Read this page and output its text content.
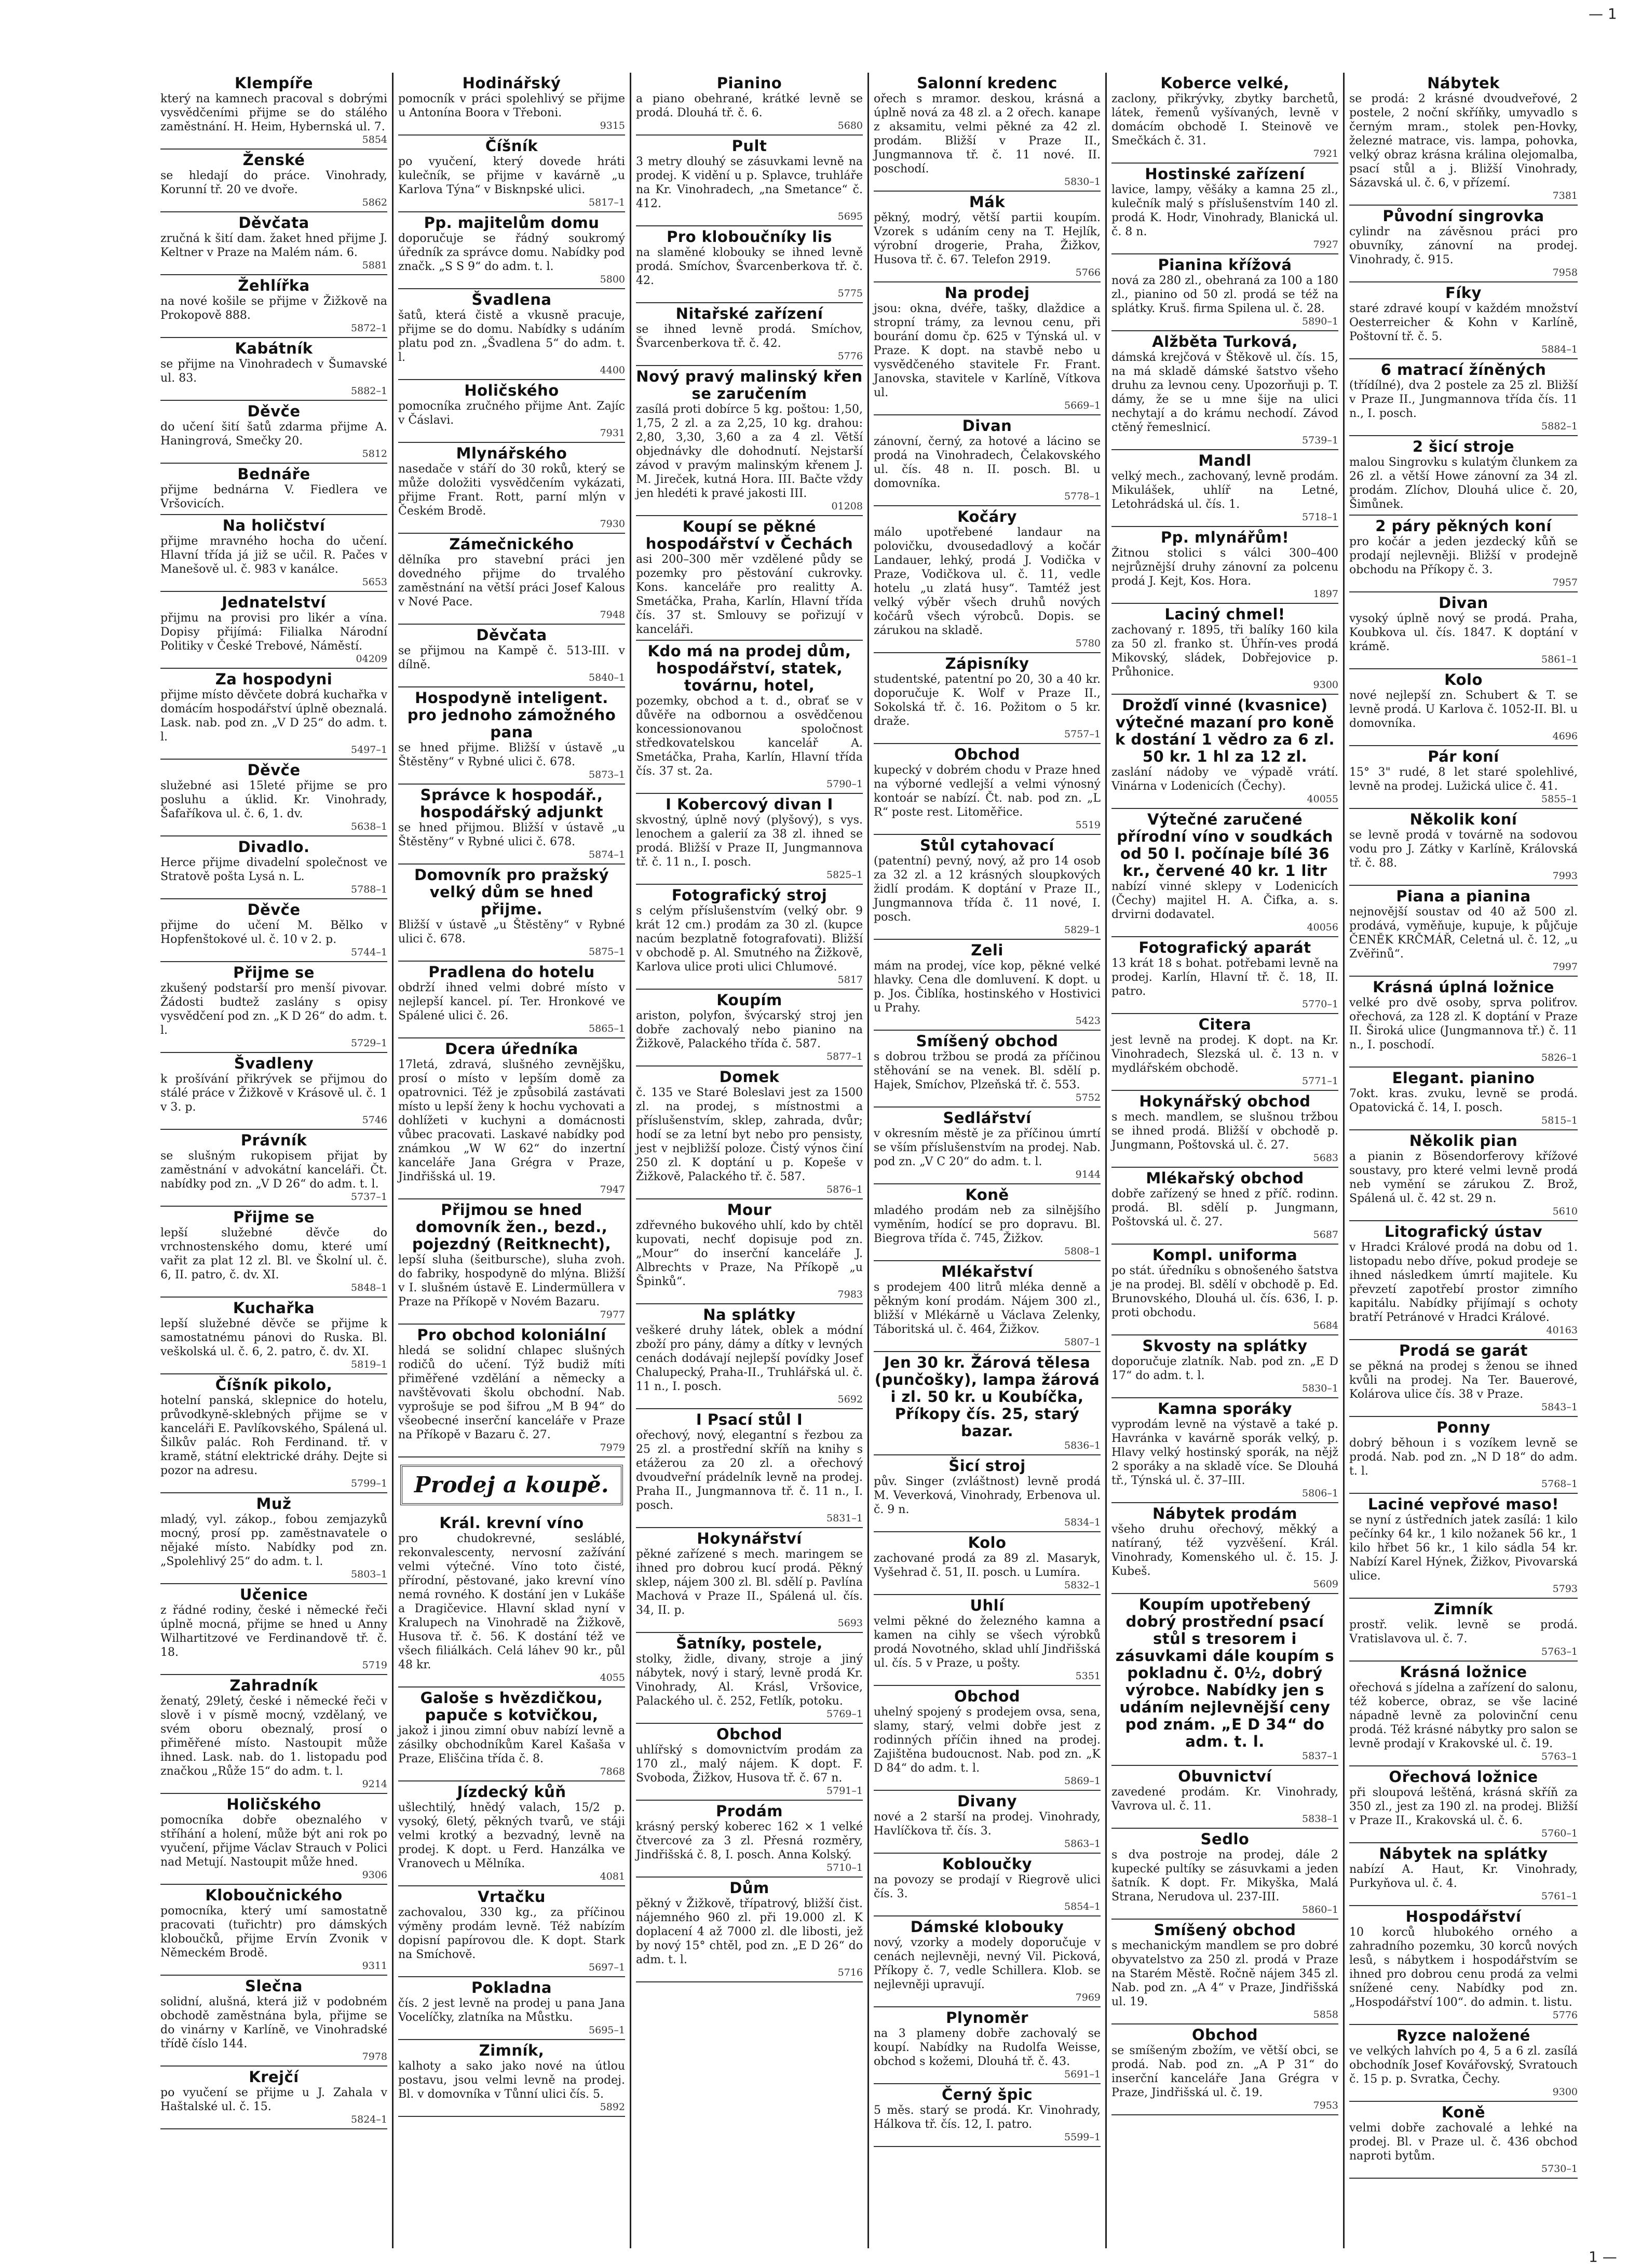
— 1
1 —
Klempíře
který na kamnech pracoval s dobrými vysvědčeními přijme se do stálého zaměstnání. H. Heim, Hybernská ul. 7.
5854
Ženské
se hledají do práce. Vinohrady, Korunní tř. 20 ve dvoře.
5862
Děvčata
zručná k šití dam. žaket hned přijme J. Keltner v Praze na Malém nám. 6.
5881
Žehlířka
na nové košile se přijme v Žižkově na Prokopově 888.
5872–1
Kabátník
se přijme na Vinohradech v Šumavské ul. 83.
5882–1
Děvče
do učení šití šatů zdarma přijme A. Haningrová, Smečky 20.
5812
Bednáře
přijme bednárna V. Fiedlera ve Vršovicích.
Na holičství
přijme mravného hocha do učení. Hlavní třída já již se učil. R. Pačes v Manešově ul. č. 983 v kanálce.
5653
Jednatelství
přijmu na provisi pro likér a vína. Dopisy přijímá: Filialka Národní Politiky v České Trebové, Náměstí.
04209
Za hospodyni
přijme místo děvčete dobrá kuchařka v domácím hospodářství úplně obeznalá. Lask. nab. pod zn. „V D 25“ do adm. t. l.
5497–1
Děvče
služebné asi 15leté přijme se pro posluhu a úklid. Kr. Vinohrady, Šafaříkova ul. č. 6, 1. dv.
5638–1
Divadlo.
Herce přijme divadelní společnost ve Stratově pošta Lysá n. L.
5788–1
Děvče
přijme do učení M. Bělko v Hopfenštokové ul. č. 10 v 2. p.
5744–1
Přijme se
zkušený podstarší pro menší pivovar. Žádosti budtež zaslány s opisy vysvědčení pod zn. „K D 26“ do adm. t. l.
5729–1
Švadleny
k prošívání přikrývek se přijmou do stálé práce v Žižkově v Krásově ul. č. 1 v 3. p.
5746
Právník
se slušným rukopisem přijat by zaměstnání v advokátní kanceláři. Čt. nabídky pod zn. „V D 26“ do adm. t. l.
5737–1
Přijme se
lepší služebné děvče do vrchnostenského domu, které umí vařit za plat 12 zl. Bl. ve Školní ul. č. 6, II. patro, č. dv. XI.
5848–1
Kuchařka
lepší služebné děvče se přijme k samostatnému pánovi do Ruska. Bl. veškolská ul. č. 6, 2. patro, č. dv. XI.
5819–1
Číšník pikolo,
hotelní panská, sklepnice do hotelu, průvodkyně-sklebných přijme se v kanceláři E. Pavlíkovského, Spálená ul. Šilkův palác. Roh Ferdinand. tř. v kramě, státní elektrické dráhy. Dejte si pozor na adresu.
5799–1
Muž
mladý, vyl. zákop., fobou zemjazyků mocný, prosí pp. zaměstnavatele o nějaké místo. Nabídky pod zn. „Spolehlivý 25“ do adm. t. l.
5803–1
Učenice
z řádné rodiny, české i německé řeči úplně mocná, přijme se hned u Anny Wilhartitzové ve Ferdinandově tř. č. 18.
5719
Zahradník
ženatý, 29letý, české i německé řeči v slově i v písmě mocný, vzdělaný, ve svém oboru obeznalý, prosí o přiměřené místo. Nastoupit může ihned. Lask. nab. do 1. listopadu pod značkou „Růže 15“ do adm. t. l.
9214
Holičského
pomocníka dobře obeznalého v stříhání a holení, může být ani rok po vyučení, přijme Václav Strauch v Polici nad Metují. Nastoupit může hned.
9306
Kloboučnického
pomocníka, který umí samostatně pracovati (tuřichtr) pro dámských kloboučků, přijme Ervín Zvonik v Německém Brodě.
9311
Slečna
solidní, alušná, která již v podobném obchodě zaměstnána byla, přijme se do vinárny v Karlíně, ve Vinohradské třídě číslo 144.
7978
Krejčí
po vyučení se přijme u J. Zahala v Haštalské ul. č. 15.
5824–1
Hodinářský
pomocník v práci spolehlivý se přijme u Antonína Boora v Třeboni.
9315
Číšník
po vyučení, který dovede hráti kulečník, se přijme v kavárně „u Karlova Týna“ v Bisknpské ulici.
5817–1
Pp. majitelům domu
doporučuje se řádný soukromý úředník za správce domu. Nabídky pod značk. „S S 9“ do adm. t. l.
5800
Švadlena
šatů, která čistě a vkusně pracuje, přijme se do domu. Nabídky s udáním platu pod zn. „Švadlena 5“ do adm. t. l.
4400
Holičského
pomocníka zručného přijme Ant. Zajíc v Čáslavi.
7931
Mlynářského
nasedače v stáří do 30 roků, který se může doložiti vysvědčením vykázati, přijme Frant. Rott, parní mlýn v Českém Brodě.
7930
Zámečnického
dělníka pro stavební práci jen dovedného přijme do trvalého zaměstnání na větší práci Josef Kalous v Nové Pace.
7948
Děvčata
se přijmou na Kampě č. 513-III. v dílně.
5840–1
Hospodyně inteligent. pro jednoho zámožného pana
se hned přijme. Bližší v ústavě „u Štěstěny“ v Rybné ulici č. 678.
5873–1
Správce k hospodář., hospodářský adjunkt
se hned přijmou. Bližší v ústavě „u Štěstěny“ v Rybné ulici č. 678.
5874–1
Domovník pro pražský velký dům se hned přijme.
Bližší v ústavě „u Štěstěny“ v Rybné ulici č. 678.
5875–1
Pradlena do hotelu
obdrží ihned velmi dobré místo v nejlepší kancel. pí. Ter. Hronkové ve Spálené ulici č. 26.
5865–1
Dcera úředníka
17letá, zdravá, slušného zevnějšku, prosí o místo v lepším domě za opatrovnici. Též je způsobilá zastávati místo u lepší ženy k hochu vychovati a dohlížeti v kuchyni a domácnosti vůbec pracovati. Laskavé nabídky pod známkou „W W 62“ do inzertní kanceláře Jana Grégra v Praze, Jindřišská ul. 19.
7947
Přijmou se hned domovník žen., bezd., pojezdný (Reitknecht),
lepší sluha (šeitbursche), sluha zvoh. do fabriky, hospodyně do mlýna. Bližší v I. slušném ústavě E. Lindermüllera v Praze na Příkopě v Novém Bazaru.
7977
Pro obchod koloniální
hledá se solidní chlapec slušných rodičů do učení. Týž budiž míti přiměřené vzdělání a německy a navštěvovati školu obchodní. Nab. vyprošuje se pod šifrou „M B 94“ do všeobecné inserční kanceláře v Praze na Příkopě v Bazaru č. 27.
7979
Prodej a koupě.
Král. krevní víno
pro chudokrevné, sesláblé, rekonvalescenty, nervosní zažívání velmi výtečné. Víno toto čisté, přírodní, pěstované, jako krevní víno nemá rovného. K dostání jen v Lukáše a Dragičevice. Hlavní sklad nyní v Kralupech na Vinohradě na Žižkově, Husova tř. č. 56. K dostání též ve všech filiálkách. Celá láhev 90 kr., půl 48 kr.
4055
Galoše s hvězdičkou, papuče s kotvičkou,
jakož i jinou zimní obuv nabízí levně a zásilky obchodníkům Karel Kašaša v Praze, Eliščina třída č. 8.
7868
Jízdecký kůň
ušlechtilý, hnědý valach, 15/2 p. vysoký, 6letý, pěkných tvarů, ve stáji velmi krotký a bezvadný, levně na prodej. K dopt. u Ferd. Hanzálka ve Vranovech u Mělníka.
4081
Vrtačku
zachovalou, 330 kg., za příčinou výměny prodám levně. Též nabízím dopisní papírovou dle. K dopt. Stark na Smíchově.
5697–1
Pokladna
čís. 2 jest levně na prodej u pana Jana Vocelíčky, zlatníka na Můstku.
5695–1
Zimník,
kalhoty a sako jako nové na útlou postavu, jsou velmi levně na prodej. Bl. v domovníka v Tůnní ulici čís. 5.
5892
Pianino
a piano obehrané, krátké levně se prodá. Dlouhá tř. č. 6.
5680
Pult
3 metry dlouhý se zásuvkami levně na prodej. K vidění u p. Splavce, truhláře na Kr. Vinohradech, „na Smetance“ č. 412.
5695
Pro kloboučníky lis
na slaměné klobouky se ihned levně prodá. Smíchov, Švarcenberkova tř. č. 42.
5775
Nitařské zařízení
se ihned levně prodá. Smíchov, Švarcenberkova tř. č. 42.
5776
Nový pravý malinský křen se zaručením
zasílá proti dobírce 5 kg. poštou: 1,50, 1,75, 2 zl. a za 2,25, 10 kg. drahou: 2,80, 3,30, 3,60 a za 4 zl. Větší objednávky dle dohodnutí. Nejstarší závod v pravým malinským křenem J. M. Jireček, kutná Hora. III. Bačte vždy jen hledéti k pravé jakosti III.
01208
Koupí se pěkné hospodářství v Čechách
asi 200–300 měr vzdělené půdy se pozemky pro pěstování cukrovky. Kons. kanceláře pro realitty A. Smetáčka, Praha, Karlín, Hlavní třída čís. 37 st. Smlouvy se pořizují v kanceláři.
Kdo má na prodej dům, hospodářství, statek, továrnu, hotel,
pozemky, obchod a t. d., obrať se v důvěře na odbornou a osvědčenou koncessionovanou spoločnost středkovatelskou kancelář A. Smetáčka, Praha, Karlín, Hlavní třída čís. 37 st. 2a.
5790–1
I Kobercový divan I
skvostný, úplně nový (plyšový), s vys. lenochem a galerií za 38 zl. ihned se prodá. Bližší v Praze II, Jungmannova tř. č. 11 n., I. posch.
5825–1
Fotografický stroj
s celým příslušenstvím (velký obr. 9 krát 12 cm.) prodám za 30 zl. (kupce nacúm bezplatně fotografovati). Bližší v obchodě p. Al. Smutného na Žižkově, Karlova ulice proti ulici Chlumové.
5817
Koupím
ariston, polyfon, švýcarský stroj jen dobře zachovalý nebo pianino na Žižkově, Palackého třída č. 587.
5877–1
Domek
č. 135 ve Staré Boleslavi jest za 1500 zl. na prodej, s místnostmi a příslušenstvím, sklep, zahrada, dvůr; hodí se za letní byt nebo pro pensisty, jest v nejbližší poloze. Čistý výnos činí 250 zl. K doptání u p. Kopeše v Žižkově, Palackého tř. č. 587.
5876–1
Mour
zdřevného bukového uhlí, kdo by chtěl kupovati, nechť dopisuje pod zn. „Mour“ do inserční kanceláře J. Albrechts v Praze, Na Příkopě „u Špinků“.
7983
Na splátky
veškeré druhy látek, oblek a módní zboží pro pány, dámy a dítky v levných cenách dodávají nejlepší povídky Josef Chalupecký, Praha-II., Truhlářská ul. č. 11 n., I. posch.
5692
I Psací stůl I
ořechový, nový, elegantní s řezbou za 25 zl. a prostřední skříň na knihy s etážerou za 20 zl. a ořechový dvoudveřní prádelník levně na prodej. Praha II., Jungmannova tř. č. 11 n., I. posch.
5831–1
Hokynářství
pěkné zařízené s mech. maringem se ihned pro dobrou kucí prodá. Pěkný sklep, nájem 300 zl. Bl. sdělí p. Pavlína Machová v Praze II., Spálená ul. čís. 34, II. p.
5693
Šatníky, postele,
stolky, židle, divany, stroje a jiný nábytek, nový i starý, levně prodá Kr. Vinohrady, Al. Krásl, Vršovice, Palackého ul. č. 252, Fetlík, potoku.
5769–1
Obchod
uhlířský s domovnictvím prodám za 170 zl., malý nájem. K dopt. F. Svoboda, Žižkov, Husova tř. č. 67 n.
5791–1
Prodám
krásný perský koberec 162 × 1 velké čtvercové za 3 zl. Přesná rozměry, Jindřišská č. 8, I. posch. Anna Kolský.
5710–1
Dům
pěkný v Žižkově, třípatrový, bližší čist. nájemného 960 zl. při 19.000 zl. K doplacení 4 až 7000 zl. dle libosti, jež by nový 15° chtěl, pod zn. „E D 26“ do adm. t. l.
5716
Salonní kredenc
ořech s mramor. deskou, krásná a úplně nová za 48 zl. a 2 ořech. kanape z aksamitu, velmi pěkné za 42 zl. prodám. Bližší v Praze II., Jungmannova tř. č. 11 nové. II. poschodí.
5830–1
Mák
pěkný, modrý, větší partii koupím. Vzorek s udáním ceny na T. Hejlík, výrobní drogerie, Praha, Žižkov, Husova tř. č. 67. Telefon 2919.
5766
Na prodej
jsou: okna, dvéře, tašky, dlaždice a stropní trámy, za levnou cenu, při bourání domu čp. 625 v Týnská ul. v Praze. K dopt. na stavbě nebo u vysvědčeného stavitele Fr. Frant. Janovska, stavitele v Karlíně, Vítkova ul.
5669–1
Divan
zánovní, černý, za hotové a lácino se prodá na Vinohradech, Čelakovského ul. čís. 48 n. II. posch. Bl. u domovníka.
5778–1
Kočáry
málo upotřebené landaur na polovičku, dvousedadlový a kočár Landauer, lehký, prodá J. Vodička v Praze, Vodičkova ul. č. 11, vedle hotelu „u zlatá husy“. Tamtéž jest velký výběr všech druhů nových kočárů všech výrobců. Dopis. se zárukou na skladě.
5780
Zápisníky
studentské, patentní po 20, 30 a 40 kr. doporučuje K. Wolf v Praze II., Sokolská tř. č. 16. Požitom o 5 kr. draže.
5757–1
Obchod
kupecký v dobrém chodu v Praze hned na výborné vedlejší a velmi výnosný kontoár se nabízí. Čt. nab. pod zn. „L R“ poste rest. Litoměřice.
5519
Stůl cytahovací
(patentní) pevný, nový, až pro 14 osob za 32 zl. a 12 krásných sloupkových židlí prodám. K doptání v Praze II., Jungmannova třída č. 11 nové, I. posch.
5829–1
Zeli
mám na prodej, více kop, pěkné velké hlavky. Cena dle domluvení. K dopt. u p. Jos. Čiblíka, hostinského v Hostivici u Prahy.
5423
Smíšený obchod
s dobrou tržbou se prodá za příčinou stěhování se na venek. Bl. sdělí p. Hajek, Smíchov, Plzeňská tř. č. 553.
5752
Sedlářství
v okresním městě je za příčinou úmrtí se vším příslušenstvím na prodej. Nab. pod zn. „V C 20“ do adm. t. l.
9144
Koně
mladého prodám neb za silnějšího vyměním, hodící se pro dopravu. Bl. Biegrova třída č. 745, Žižkov.
5808–1
Mlékařství
s prodejem 400 litrů mléka denně a pěkným koní prodám. Nájem 300 zl., bližší v Mlékárně u Václava Zelenky, Táboritská ul. č. 464, Žižkov.
5807–1
Jen 30 kr. Žárová tělesa (punčošky), lampa žárová i zl. 50 kr. u Koubíčka, Příkopy čís. 25, starý bazar.
5836–1
Šicí stroj
pův. Singer (zvláštnost) levně prodá M. Veverková, Vinohrady, Erbenova ul. č. 9 n.
5834–1
Kolo
zachované prodá za 89 zl. Masaryk, Vyšehrad č. 51, II. posch. u Lumíra.
5832–1
Uhlí
velmi pěkné do železného kamna a kamen na cihly se všech výrobků prodá Novotného, sklad uhlí Jindřišská ul. čís. 5 v Praze, u pošty.
5351
Obchod
uhelný spojený s prodejem ovsa, sena, slamy, starý, velmi dobře jest z rodinných příčin ihned na prodej. Zajištěna budoucnost. Nab. pod zn. „K D 84“ do adm. t. l.
5869–1
Divany
nové a 2 starší na prodej. Vinohrady, Havlíčkova tř. čís. 3.
5863–1
Kobloučky
na povozy se prodají v Riegrově ulici čís. 3.
5854–1
Dámské klobouky
nový, vzorky a modely doporučuje v cenách nejlevněji, nevný Vil. Picková, Příkopy č. 7, vedle Schillera. Klob. se nejlevněji upravují.
7969
Plynoměr
na 3 plameny dobře zachovalý se koupí. Nabídky na Rudolfa Weisse, obchod s kožemi, Dlouhá tř. č. 43.
5691–1
Černý špic
5 měs. starý se prodá. Kr. Vinohrady, Hálkova tř. čís. 12, I. patro.
5599–1
Koberce velké,
zaclony, přikrývky, zbytky barchetů, látek, řemenů vyšívaných, levně v domácím obchodě I. Steinově ve Smečkách č. 31.
7921
Hostinské zařízení
lavice, lampy, věšáky a kamna 25 zl., kulečník malý s příslušenstvím 140 zl. prodá K. Hodr, Vinohrady, Blanická ul. č. 8 n.
7927
Pianina křížová
nová za 280 zl., obehraná za 100 a 180 zl., pianino od 50 zl. prodá se též na splátky. Kruš. firma Spilena ul. č. 28.
5890–1
Alžběta Turková,
dámská krejčová v Štěkově ul. čís. 15, na má skladě dámské šatstvo všeho druhu za levnou ceny. Upozorňuji p. T. dámy, že se u mne šije na ulici nechytají a do krámu nechodí. Závod ctěný řemeslnicí.
5739–1
Mandl
velký mech., zachovaný, levně prodám. Mikulášek, uhlíř na Letné, Letohrádská ul. čís. 1.
5718–1
Pp. mlynářům!
Žitnou stolici s válci 300–400 nejrůznější druhy zánovní za polcenu prodá J. Kejt, Kos. Hora.
1897
Laciný chmel!
zachovaný r. 1895, tři balíky 160 kila za 50 zl. franko st. Úhřín-ves prodá Mikovský, sládek, Dobřejovice p. Průhonice.
9300
Drožďí vinné (kvasnice) výtečné mazaní pro koně k dostání 1 vědro za 6 zl. 50 kr. 1 hl za 12 zl.
zaslání nádoby ve výpadě vrátí. Vinárna v Lodenicích (Čechy).
40055
Výtečné zaručené přírodní víno v soudkách od 50 l. počínaje bílé 36 kr., červené 40 kr. 1 litr
nabízí vinné sklepy v Lodenicích (Čechy) majitel H. A. Čifka, a. s. drvirni dodavatel.
40056
Fotografický aparát
13 krát 18 s bohat. potřebami levně na prodej. Karlín, Hlavní tř. č. 18, II. patro.
5770–1
Citera
jest levně na prodej. K dopt. na Kr. Vinohradech, Slezská ul. č. 13 n. v mydlářském obchodě.
5771–1
Hokynářský obchod
s mech. mandlem, se slušnou tržbou se ihned prodá. Bližší v obchodě p. Jungmann, Poštovská ul. č. 27.
5683
Mlékařský obchod
dobře zařízený se hned z příč. rodinn. prodá. Bl. sdělí p. Jungmann, Poštovská ul. č. 27.
5687
Kompl. uniforma
po stát. úředníku s obnošeného šatstva je na prodej. Bl. sdělí v obchodě p. Ed. Brunovského, Dlouhá ul. čís. 636, I. p. proti obchodu.
5684
Skvosty na splátky
doporučuje zlatník. Nab. pod zn. „E D 17“ do adm. t. l.
5830–1
Kamna sporáky
vyprodám levně na výstavě a také p. Havránka v kavárně sporák velký, p. Hlavy velký hostinský sporák, na nějž 2 sporáky a na skladě více. Se Dlouhá tř., Týnská ul. č. 37–III.
5806–1
Nábytek prodám
všeho druhu ořechový, měkký a natíraný, též vyzvěšení. Král. Vinohrady, Komenského ul. č. 15. J. Kubeš.
5609
Koupím upotřebený dobrý prostřední psací stůl s tresorem i zásuvkami dále koupím s pokladnu č. 0½, dobrý výrobce. Nabídky jen s udáním nejlevnější ceny pod znám. „E D 34“ do adm. t. l.
5837–1
Obuvnictví
zavedené prodám. Kr. Vinohrady, Vavrova ul. č. 11.
5838–1
Sedlo
s dva postroje na prodej, dále 2 kupecké pultíky se zásuvkami a jeden šatník. K dopt. Fr. Mikyška, Malá Strana, Nerudova ul. 237-III.
5860–1
Smíšený obchod
s mechanickým mandlem se pro dobré obyvatelstvo za 250 zl. prodá v Praze na Starém Městě. Ročně nájem 345 zl. Nab. pod zn. „A 4“ v Praze, Jindřišská ul. 19.
5858
Obchod
se smíšeným zbožím, ve větší obci, se prodá. Nab. pod zn. „A P 31“ do inserční kanceláře Jana Grégra v Praze, Jindřišská ul. č. 19.
7953
Nábytek
se prodá: 2 krásné dvoudveřové, 2 postele, 2 noční skříňky, umyvadlo s černým mram., stolek pen-Hovky, železné matrace, vis. lampa, pohovka, velký obraz krásna králina olejomalba, psací stůl a j. Bližší Vinohrady, Sázavská ul. č. 6, v přízemí.
7381
Původní singrovka
cylindr na závěsnou práci pro obuvníky, zánovní na prodej. Vinohrady, č. 915.
7958
Fíky
staré zdravé koupí v každém množství Oesterreicher & Kohn v Karlíně, Poštovní tř. č. 5.
5884–1
6 matrací žíněných
(třídílné), dva 2 postele za 25 zl. Bližší v Praze II., Jungmannova třída čís. 11 n., I. posch.
5882–1
2 šicí stroje
malou Singrovku s kulatým člunkem za 26 zl. a větší Howe zánovní za 34 zl. prodám. Zlíchov, Dlouhá ulice č. 20, Šimůnek.
2 páry pěkných koní
pro kočár a jeden jezdecký kůň se prodají nejlevněji. Bližší v prodejně obchodu na Příkopy č. 3.
7957
Divan
vysoký úplně nový se prodá. Praha, Koubkova ul. čís. 1847. K doptání v krámě.
5861–1
Kolo
nové nejlepší zn. Schubert & T. se levně prodá. U Karlova č. 1052-II. Bl. u domovníka.
4696
Pár koní
15° 3" rudé, 8 let staré spolehlivé, levně na prodej. Lužická ulice č. 41.
5855–1
Několik koní
se levně prodá v továrně na sodovou vodu pro J. Zátky v Karlíně, Královská tř. č. 88.
7993
Piana a pianina
nejnovější soustav od 40 až 500 zl. prodává, vyměňuje, kupuje, k půjčuje ČENĚK KRČMÁŘ, Celetná ul. č. 12, „u Zvěřinů“.
7997
Krásná úplná ložnice
velké pro dvě osoby, sprva poliťrov. ořechová, za 128 zl. K doptání v Praze II. Široká ulice (Jungmannova tř.) č. 11 n., I. poschodí.
5826–1
Elegant. pianino
7okt. kras. zvuku, levně se prodá. Opatovická č. 14, I. posch.
5815–1
Několik pian
a pianin z Bösendorferovy křížové soustavy, pro které velmi levně prodá neb vymění se zárukou Z. Brož, Spálená ul. č. 42 st. 29 n.
5610
Litografický ústav
v Hradci Králové prodá na dobu od 1. listopadu nebo dříve, pokud prodeje se ihned následkem úmrtí majitele. Ku převzetí zapotřebí prostor zimního kapitálu. Nabídky přijímají s ochoty bratří Petránové v Hradci Králové.
40163
Prodá se garát
se pěkná na prodej s ženou se ihned kvůli na prodej. Na Ter. Bauerové, Kolárova ulice čís. 38 v Praze.
5843–1
Ponny
dobrý běhoun i s vozíkem levně se prodá. Nab. pod zn. „N D 18“ do adm. t. l.
5768–1
Laciné vepřové maso!
se nyní z ústředních jatek zasílá: 1 kilo pečínky 64 kr., 1 kilo nožanek 56 kr., 1 kilo hřbet 56 kr., 1 kilo sádla 54 kr. Nabízí Karel Hýnek, Žižkov, Pivovarská ulice.
5793
Zimník
prostř. velik. levně se prodá. Vratislavova ul. č. 7.
5763–1
Krásná ložnice
ořechová s jídelna a zařízení do salonu, též koberce, obraz, se vše laciné nápadně levně za polovinční cenu prodá. Též krásné nábytky pro salon se levně prodají v Krakovské ul. č. 19.
5763–1
Ořechová ložnice
při sloupová leštěná, krásná skříň za 350 zl., jest za 190 zl. na prodej. Bližší v Praze II., Krakovská ul. č. 6.
5760–1
Nábytek na splátky
nabízí A. Haut, Kr. Vinohrady, Purkyňova ul. č. 4.
5761–1
Hospodářství
10 korců hlubokého orného a zahradního pozemku, 30 korců nových lesů, s nábytkem i hospodářstvím se ihned pro dobrou cenu prodá za velmi snížené ceny. Nabídky pod zn. „Hospodářství 100“. do admin. t. listu.
5776
Ryzce naložené
ve velkých lahvích po 4, 5 a 6 zl. zasílá obchodník Josef Kovářovský, Svratouch č. 15 p. p. Svratka, Čechy.
9300
Koně
velmi dobře zachovalé a lehké na prodej. Bl. v Praze ul. č. 436 obchod naproti bytům.
5730–1
